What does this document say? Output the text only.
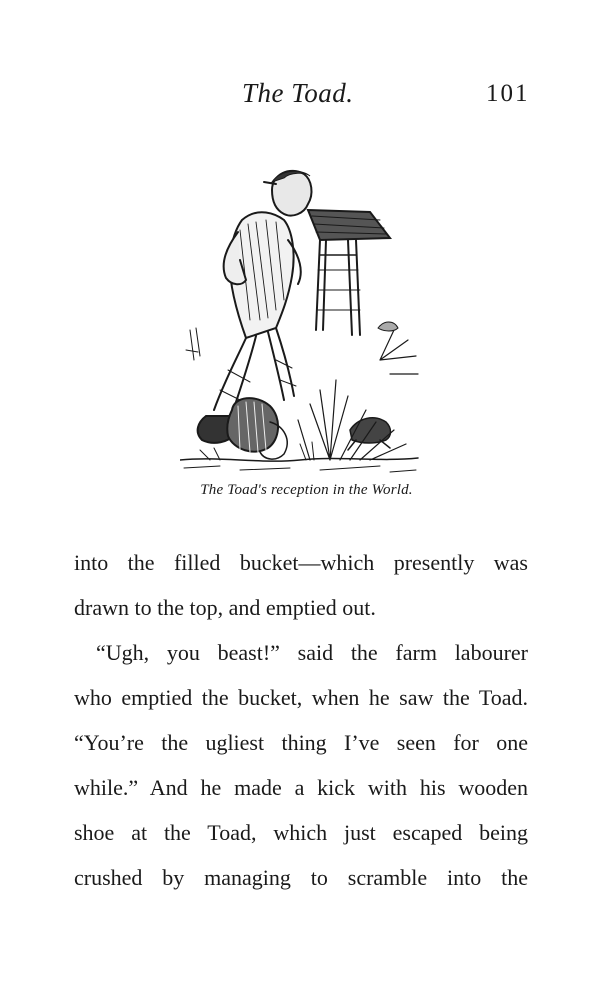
The Toad.	101
The Toad's reception in the World.
into the filled bucket—which presently was
drawn to the top, and emptied out.
“Ugh, you beast!” said the farm labourer
who emptied the bucket, when he saw the Toad.
“You’re the ugliest thing I’ve seen for one
while.” And he made a kick with his wooden
shoe at the Toad, which just escaped being
crushed by managing to scramble into the
